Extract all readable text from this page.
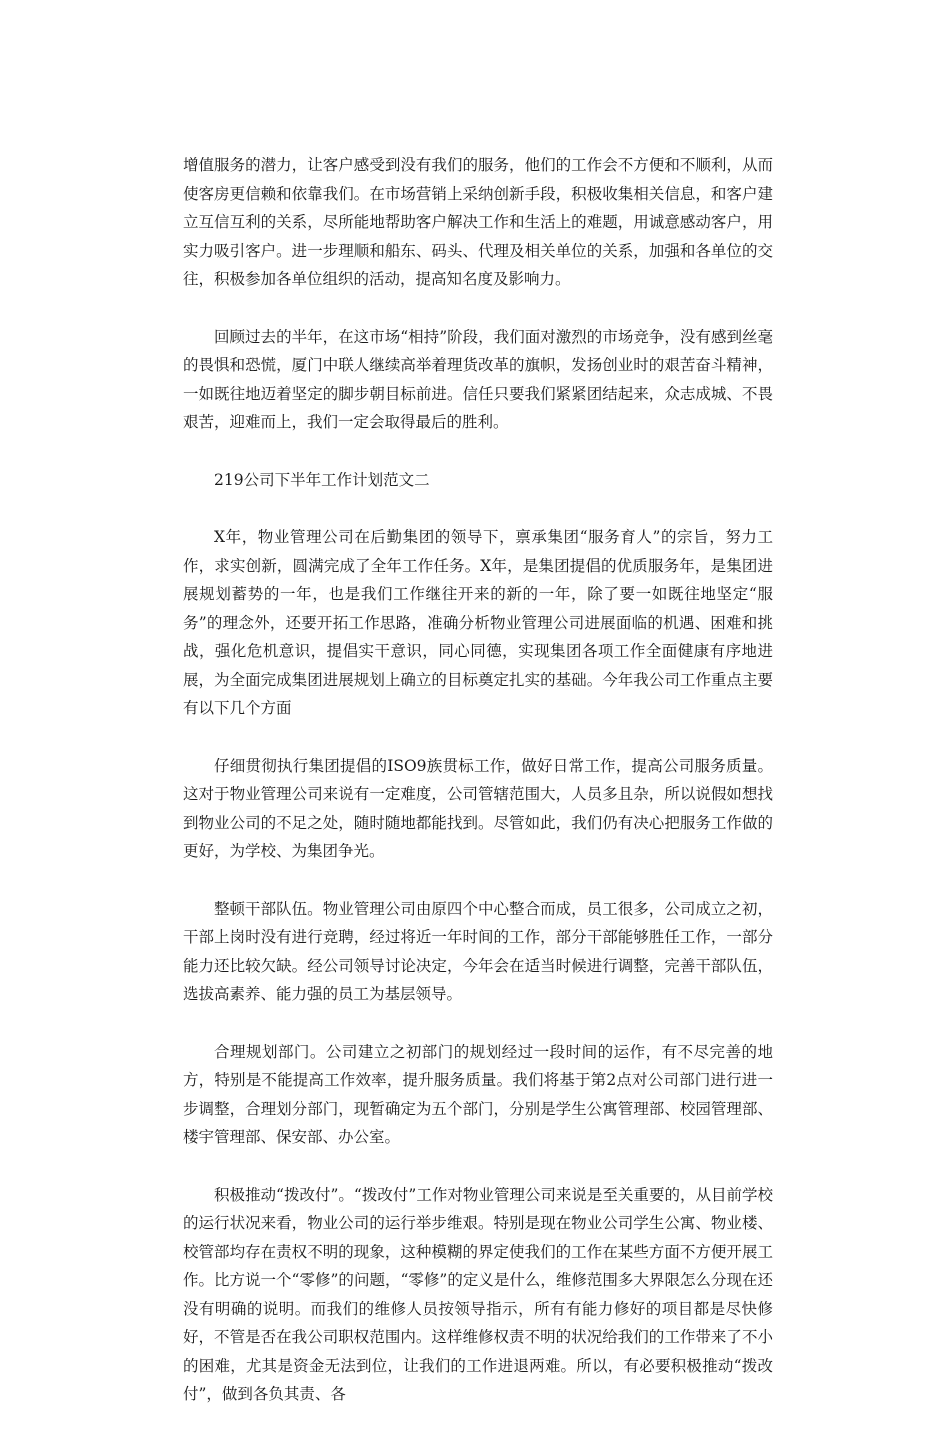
增值服务的潜力，让客户感受到没有我们的服务，他们的工作会不方便和不顺利，从而使客房更信赖和依靠我们。在市场营销上采纳创新手段，积极收集相关信息，和客户建立互信互利的关系，尽所能地帮助客户解决工作和生活上的难题，用诚意感动客户，用实力吸引客户。进一步理顺和船东、码头、代理及相关单位的关系，加强和各单位的交往，积极参加各单位组织的活动，提高知名度及影响力。

回顾过去的半年，在这市场“相持”阶段，我们面对激烈的市场竞争，没有感到丝毫的畏惧和恐慌，厦门中联人继续高举着理货改革的旗帜，发扬创业时的艰苦奋斗精神，一如既往地迈着坚定的脚步朝目标前进。信任只要我们紧紧团结起来，众志成城、不畏艰苦，迎难而上，我们一定会取得最后的胜利。

219公司下半年工作计划范文二

X年，物业管理公司在后勤集团的领导下，禀承集团“服务育人”的宗旨，努力工作，求实创新，圆满完成了全年工作任务。X年，是集团提倡的优质服务年，是集团进展规划蓄势的一年，也是我们工作继往开来的新的一年，除了要一如既往地坚定“服务”的理念外，还要开拓工作思路，准确分析物业管理公司进展面临的机遇、困难和挑战，强化危机意识，提倡实干意识，同心同德，实现集团各项工作全面健康有序地进展，为全面完成集团进展规划上确立的目标奠定扎实的基础。今年我公司工作重点主要有以下几个方面

仔细贯彻执行集团提倡的ISO9族贯标工作，做好日常工作，提高公司服务质量。这对于物业管理公司来说有一定难度，公司管辖范围大，人员多且杂，所以说假如想找到物业公司的不足之处，随时随地都能找到。尽管如此，我们仍有决心把服务工作做的更好，为学校、为集团争光。

整顿干部队伍。物业管理公司由原四个中心整合而成，员工很多，公司成立之初，干部上岗时没有进行竞聘，经过将近一年时间的工作，部分干部能够胜任工作，一部分能力还比较欠缺。经公司领导讨论决定，今年会在适当时候进行调整，完善干部队伍，选拔高素养、能力强的员工为基层领导。

合理规划部门。公司建立之初部门的规划经过一段时间的运作，有不尽完善的地方，特别是不能提高工作效率，提升服务质量。我们将基于第2点对公司部门进行进一步调整，合理划分部门，现暂确定为五个部门，分别是学生公寓管理部、校园管理部、楼宇管理部、保安部、办公室。

积极推动“拨改付”。“拨改付”工作对物业管理公司来说是至关重要的，从目前学校的运行状况来看，物业公司的运行举步维艰。特别是现在物业公司学生公寓、物业楼、校管部均存在责权不明的现象，这种模糊的界定使我们的工作在某些方面不方便开展工作。比方说一个“零修”的问题，“零修”的定义是什么，维修范围多大界限怎么分现在还没有明确的说明。而我们的维修人员按领导指示，所有有能力修好的项目都是尽快修好，不管是否在我公司职权范围内。这样维修权责不明的状况给我们的工作带来了不小的困难，尤其是资金无法到位，让我们的工作进退两难。所以，有必要积极推动“拨改付”，做到各负其责、各
